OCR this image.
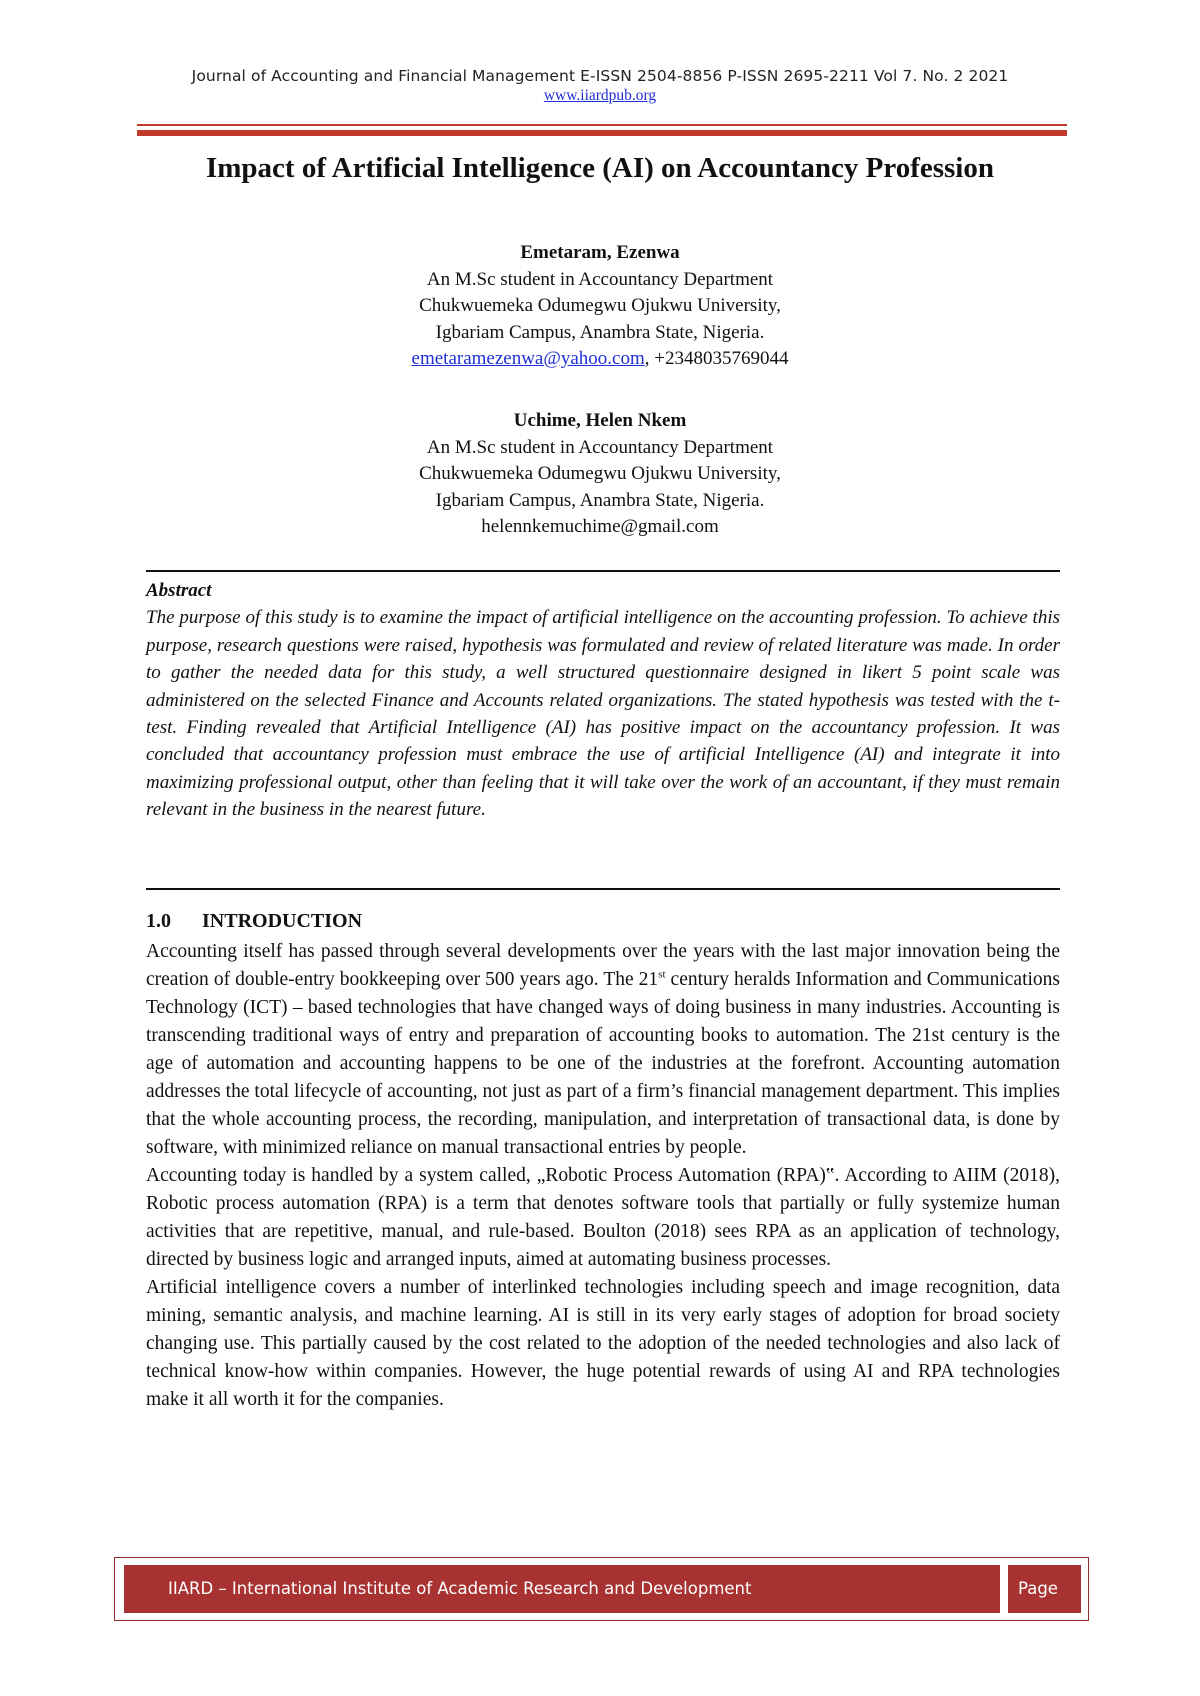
Journal of Accounting and Financial Management E-ISSN 2504-8856 P-ISSN 2695-2211 Vol 7. No. 2 2021
www.iiardpub.org
Impact of Artificial Intelligence (AI) on Accountancy Profession
Emetaram, Ezenwa
An M.Sc student in Accountancy Department
Chukwuemeka Odumegwu Ojukwu University,
Igbariam Campus, Anambra State, Nigeria.
emetaramezenwa@yahoo.com, +2348035769044
Uchime, Helen Nkem
An M.Sc student in Accountancy Department
Chukwuemeka Odumegwu Ojukwu University,
Igbariam Campus, Anambra State, Nigeria.
helennkemuchime@gmail.com
Abstract

The purpose of this study is to examine the impact of artificial intelligence on the accounting profession. To achieve this purpose, research questions were raised, hypothesis was formulated and review of related literature was made. In order to gather the needed data for this study, a well structured questionnaire designed in likert 5 point scale was administered on the selected Finance and Accounts related organizations. The stated hypothesis was tested with the t-test. Finding revealed that Artificial Intelligence (AI) has positive impact on the accountancy profession. It was concluded that accountancy profession must embrace the use of artificial Intelligence (AI) and integrate it into maximizing professional output, other than feeling that it will take over the work of an accountant, if they must remain relevant in the business in the nearest future.

1.0 INTRODUCTION

Accounting itself has passed through several developments over the years with the last major innovation being the creation of double-entry bookkeeping over 500 years ago. The 21st century heralds Information and Communications Technology (ICT) – based technologies that have changed ways of doing business in many industries. Accounting is transcending traditional ways of entry and preparation of accounting books to automation. The 21st century is the age of automation and accounting happens to be one of the industries at the forefront. Accounting automation addresses the total lifecycle of accounting, not just as part of a firm’s financial management department. This implies that the whole accounting process, the recording, manipulation, and interpretation of transactional data, is done by software, with minimized reliance on manual transactional entries by people.

Accounting today is handled by a system called, „Robotic Process Automation (RPA)‟. According to AIIM (2018), Robotic process automation (RPA) is a term that denotes software tools that partially or fully systemize human activities that are repetitive, manual, and rule-based. Boulton (2018) sees RPA as an application of technology, directed by business logic and arranged inputs, aimed at automating business processes.

Artificial intelligence covers a number of interlinked technologies including speech and image recognition, data mining, semantic analysis, and machine learning. AI is still in its very early stages of adoption for broad society changing use. This partially caused by the cost related to the adoption of the needed technologies and also lack of technical know-how within companies. However, the huge potential rewards of using AI and RPA technologies make it all worth it for the companies.

IIARD – International Institute of Academic Research and Development	Page 15
